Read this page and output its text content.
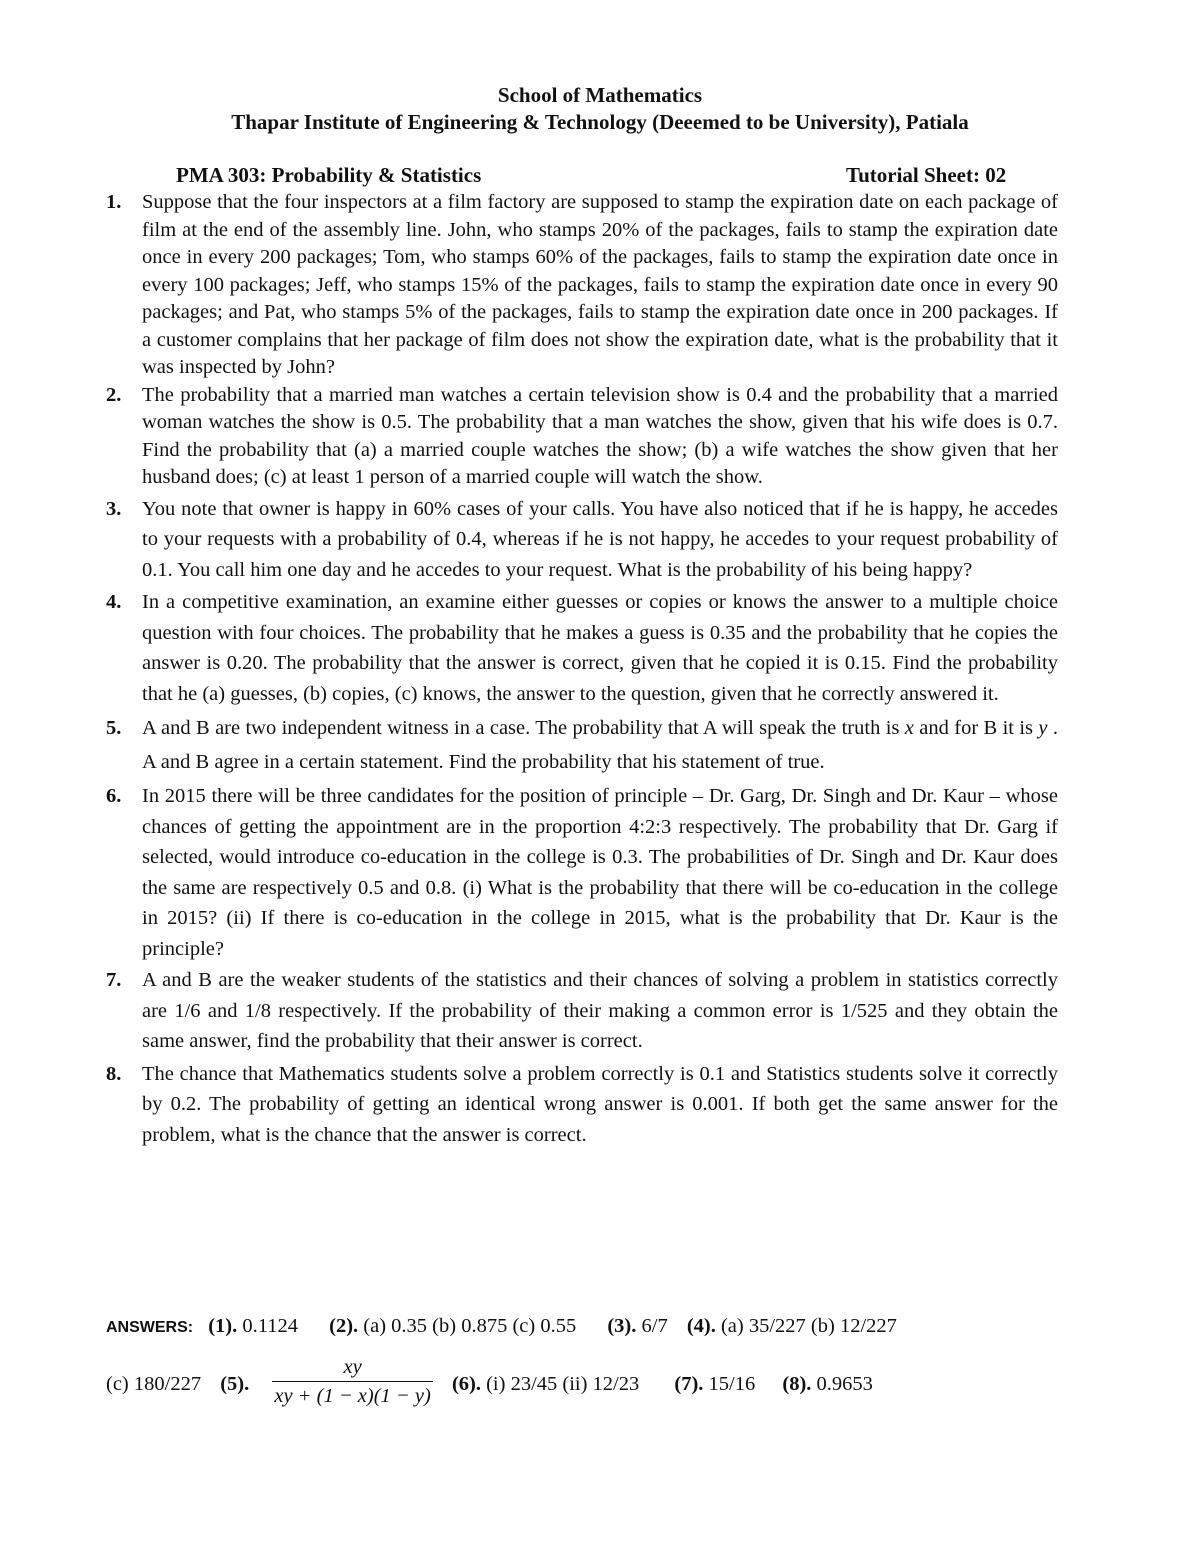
School of Mathematics
Thapar Institute of Engineering & Technology (Deeemed to be University), Patiala
PMA 303: Probability & Statistics	Tutorial Sheet: 02
1. Suppose that the four inspectors at a film factory are supposed to stamp the expiration date on each package of film at the end of the assembly line. John, who stamps 20% of the packages, fails to stamp the expiration date once in every 200 packages; Tom, who stamps 60% of the packages, fails to stamp the expiration date once in every 100 packages; Jeff, who stamps 15% of the packages, fails to stamp the expiration date once in every 90 packages; and Pat, who stamps 5% of the packages, fails to stamp the expiration date once in 200 packages. If a customer complains that her package of film does not show the expiration date, what is the probability that it was inspected by John?
2. The probability that a married man watches a certain television show is 0.4 and the probability that a married woman watches the show is 0.5. The probability that a man watches the show, given that his wife does is 0.7. Find the probability that (a) a married couple watches the show; (b) a wife watches the show given that her husband does; (c) at least 1 person of a married couple will watch the show.
3. You note that owner is happy in 60% cases of your calls. You have also noticed that if he is happy, he accedes to your requests with a probability of 0.4, whereas if he is not happy, he accedes to your request probability of 0.1. You call him one day and he accedes to your request. What is the probability of his being happy?
4. In a competitive examination, an examine either guesses or copies or knows the answer to a multiple choice question with four choices. The probability that he makes a guess is 0.35 and the probability that he copies the answer is 0.20. The probability that the answer is correct, given that he copied it is 0.15. Find the probability that he (a) guesses, (b) copies, (c) knows, the answer to the question, given that he correctly answered it.
5. A and B are two independent witness in a case. The probability that A will speak the truth is x and for B it is y . A and B agree in a certain statement. Find the probability that his statement of true.
6. In 2015 there will be three candidates for the position of principle – Dr. Garg, Dr. Singh and Dr. Kaur – whose chances of getting the appointment are in the proportion 4:2:3 respectively. The probability that Dr. Garg if selected, would introduce co-education in the college is 0.3. The probabilities of Dr. Singh and Dr. Kaur does the same are respectively 0.5 and 0.8. (i) What is the probability that there will be co-education in the college in 2015? (ii) If there is co-education in the college in 2015, what is the probability that Dr. Kaur is the principle?
7. A and B are the weaker students of the statistics and their chances of solving a problem in statistics correctly are 1/6 and 1/8 respectively. If the probability of their making a common error is 1/525 and they obtain the same answer, find the probability that their answer is correct.
8. The chance that Mathematics students solve a problem correctly is 0.1 and Statistics students solve it correctly by 0.2. The probability of getting an identical wrong answer is 0.001. If both get the same answer for the problem, what is the chance that the answer is correct.
ANSWERS: (1). 0.1124 (2). (a) 0.35 (b) 0.875 (c) 0.55 (3). 6/7 (4). (a) 35/227 (b) 12/227
(c) 180/227 (5). $\frac{xy}{xy + (1 - x)(1 - y)} (6)$. (i) 23/45 (ii) 12/23 (7). 15/16 (8). 0.9653
